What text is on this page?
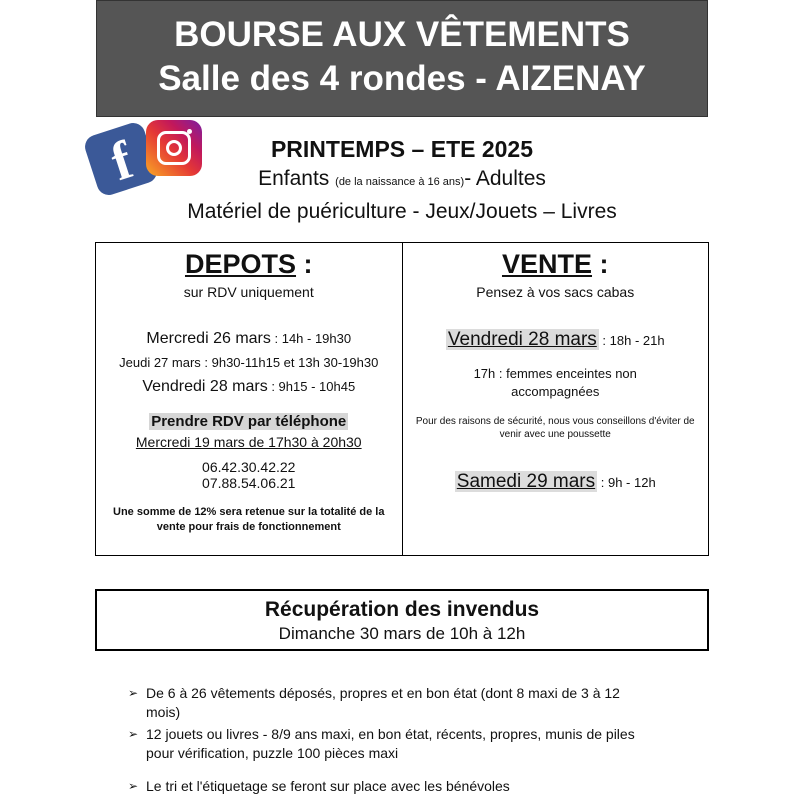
BOURSE AUX VÊTEMENTS
Salle des 4 rondes - AIZENAY
f	PRINTEMPS – ETE 2025
Enfants (de la naissance à 16 ans)- Adultes
Matériel de puériculture - Jeux/Jouets – Livres
DEPOTS :
sur RDV uniquement
Mercredi 26 mars : 14h - 19h30
Jeudi 27 mars : 9h30-11h15 et 13h 30-19h30
Vendredi 28 mars : 9h15 - 10h45
Prendre RDV par téléphone
Mercredi 19 mars de 17h30 à 20h30
06.42.30.42.22
07.88.54.06.21
Une somme de 12% sera retenue sur la totalité de la vente pour frais de fonctionnement
VENTE :
Pensez à vos sacs cabas
Vendredi 28 mars : 18h - 21h
17h : femmes enceintes non accompagnées
Pour des raisons de sécurité, nous vous conseillons d'éviter de venir avec une poussette
Samedi 29 mars : 9h - 12h
Récupération des invendus
Dimanche 30 mars de 10h à 12h
➢ De 6 à 26 vêtements déposés, propres et en bon état (dont 8 maxi de 3 à 12 mois)
➢ 12 jouets ou livres - 8/9 ans maxi, en bon état, récents, propres, munis de piles pour vérification, puzzle 100 pièces maxi
➢ Le tri et l'étiquetage se feront sur place avec les bénévoles
